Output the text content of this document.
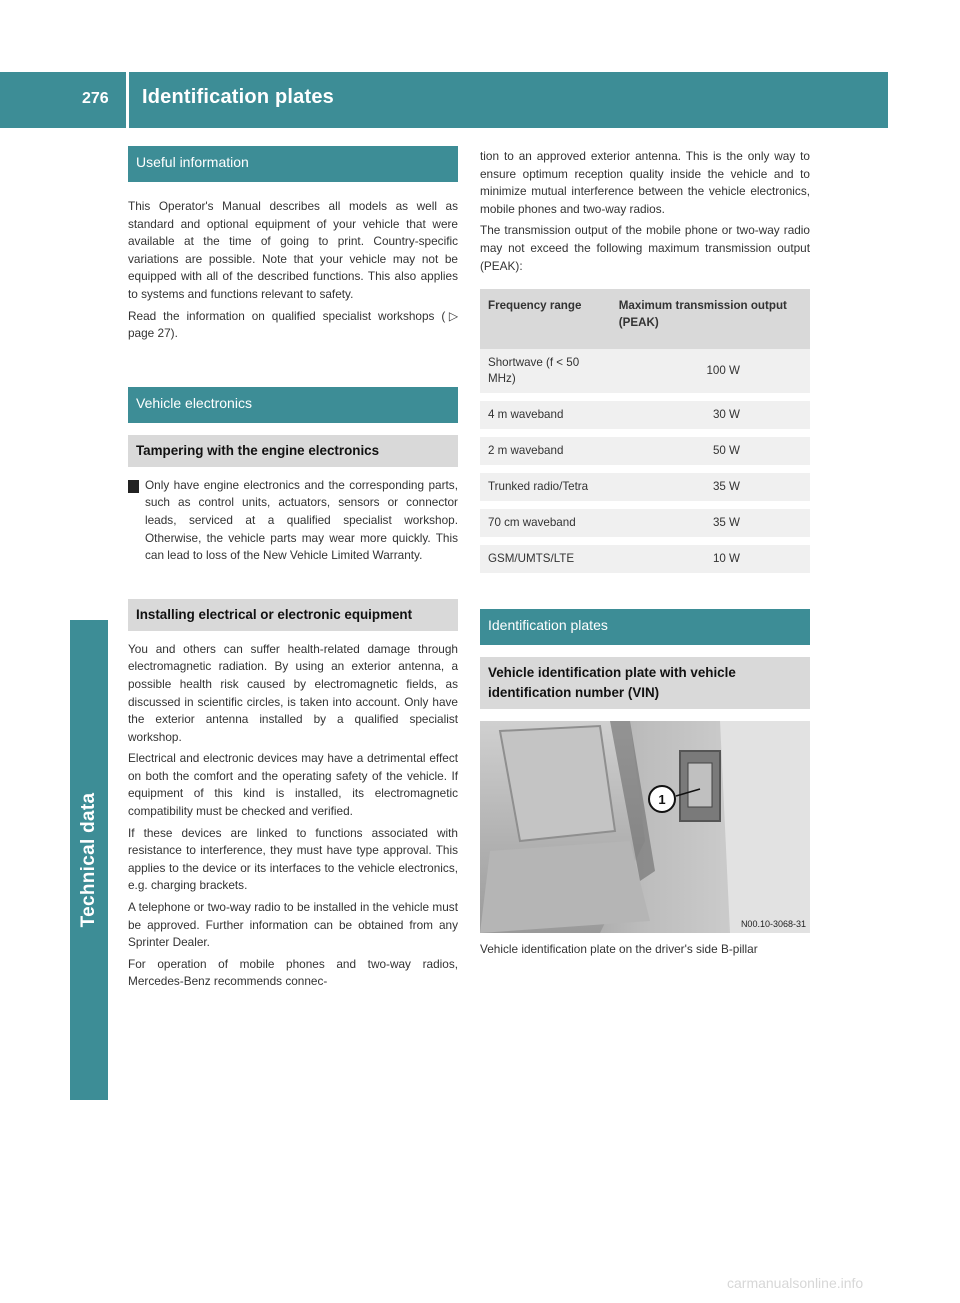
276 Identification plates
Technical data
Useful information

This Operator's Manual describes all models as well as standard and optional equipment of your vehicle that were available at the time of going to print. Country-specific variations are possible. Note that your vehicle may not be equipped with all of the described functions. This also applies to systems and functions relevant to safety.

Read the information on qualified specialist workshops (▷ page 27).

Vehicle electronics
Tampering with the engine electronics

Only have engine electronics and the corresponding parts, such as control units, actuators, sensors or connector leads, serviced at a qualified specialist workshop. Otherwise, the vehicle parts may wear more quickly. This can lead to loss of the New Vehicle Limited Warranty.

Installing electrical or electronic equipment

You and others can suffer health-related damage through electromagnetic radiation. By using an exterior antenna, a possible health risk caused by electromagnetic fields, as discussed in scientific circles, is taken into account. Only have the exterior antenna installed by a qualified specialist workshop.

Electrical and electronic devices may have a detrimental effect on both the comfort and the operating safety of the vehicle. If equipment of this kind is installed, its electromagnetic compatibility must be checked and verified.

If these devices are linked to functions associated with resistance to interference, they must have type approval. This applies to the device or its interfaces to the vehicle electronics, e.g. charging brackets.

A telephone or two-way radio to be installed in the vehicle must be approved. Further information can be obtained from any Sprinter Dealer.

For operation of mobile phones and two-way radios, Mercedes-Benz recommends connec-

tion to an approved exterior antenna. This is the only way to ensure optimum reception quality inside the vehicle and to minimize mutual interference between the vehicle electronics, mobile phones and two-way radios.

The transmission output of the mobile phone or two-way radio may not exceed the following maximum transmission output (PEAK):

Frequency range	Maximum transmission output (PEAK)
Shortwave (f < 50 MHz)	100 W
4 m waveband	30 W
2 m waveband	50 W
Trunked radio/Tetra	35 W
70 cm waveband	35 W
GSM/UMTS/LTE	10 W
Identification plates
Vehicle identification plate with vehicle identification number (VIN)
1
N00.10-3068-31

Vehicle identification plate on the driver's side B-pillar

carmanualsonline.info
